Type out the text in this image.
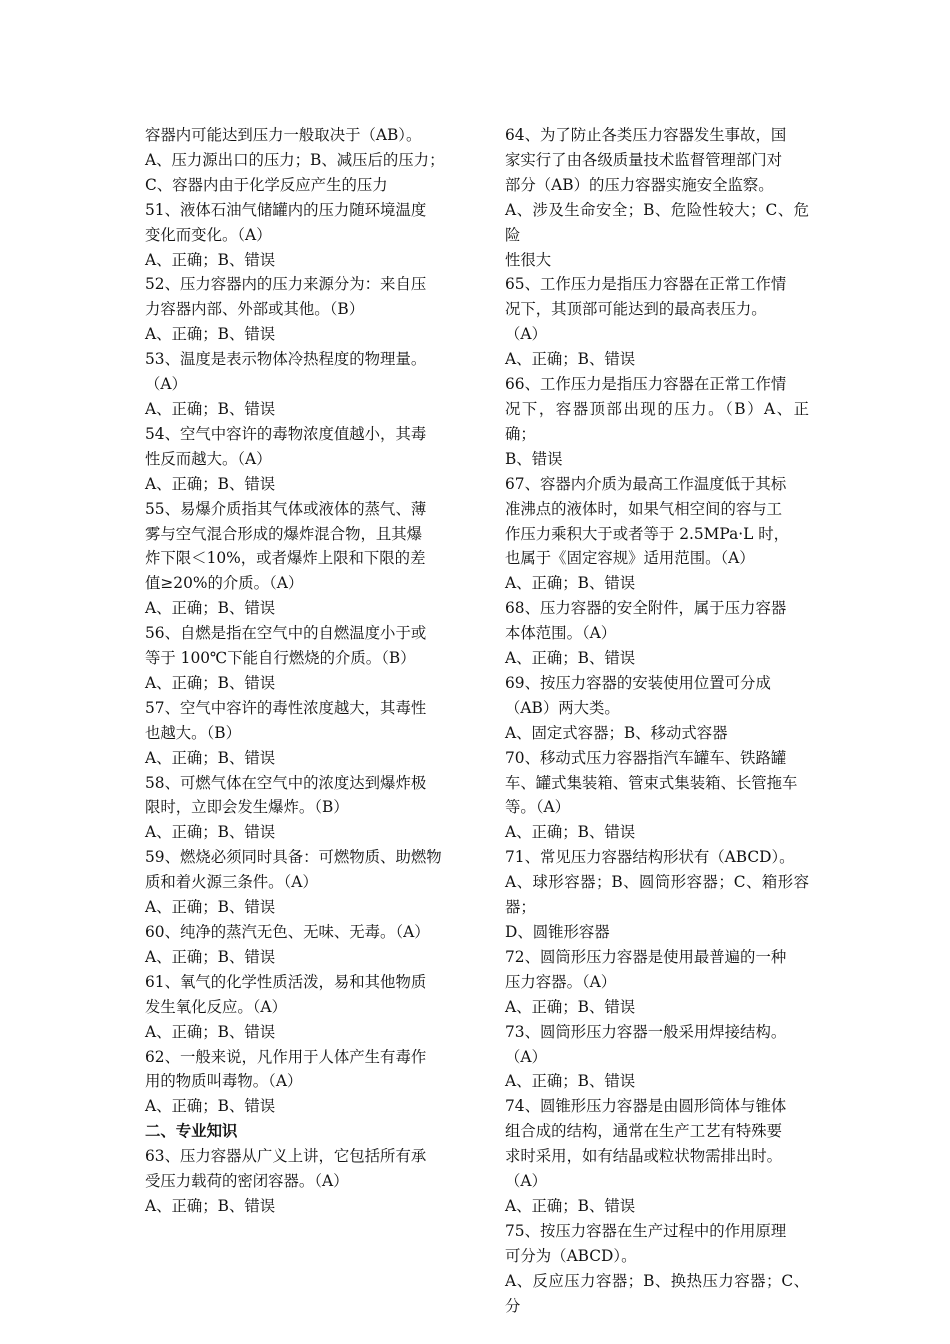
容器内可能达到压力一般取决于（AB）。
A、压力源出口的压力；B、减压后的压力；
C、容器内由于化学反应产生的压力
51、液体石油气储罐内的压力随环境温度
变化而变化。（A）
A、正确；B、错误
52、压力容器内的压力来源分为：来自压
力容器内部、外部或其他。（B）
A、正确；B、错误
53、温度是表示物体冷热程度的物理量。
（A）
A、正确；B、错误
54、空气中容许的毒物浓度值越小，其毒
性反而越大。（A）
A、正确；B、错误
55、易爆介质指其气体或液体的蒸气、薄
雾与空气混合形成的爆炸混合物，且其爆
炸下限＜10%，或者爆炸上限和下限的差
值≥20%的介质。（A）
A、正确；B、错误
56、自燃是指在空气中的自燃温度小于或
等于 100℃下能自行燃烧的介质。（B）
A、正确；B、错误
57、空气中容许的毒性浓度越大，其毒性
也越大。（B）
A、正确；B、错误
58、可燃气体在空气中的浓度达到爆炸极
限时，立即会发生爆炸。（B）
A、正确；B、错误
59、燃烧必须同时具备：可燃物质、助燃物
质和着火源三条件。（A）
A、正确；B、错误
60、纯净的蒸汽无色、无味、无毒。（A）
A、正确；B、错误
61、氧气的化学性质活泼，易和其他物质
发生氧化反应。（A）
A、正确；B、错误
62、一般来说，凡作用于人体产生有毒作
用的物质叫毒物。（A）
A、正确；B、错误
二、专业知识
63、压力容器从广义上讲，它包括所有承
受压力载荷的密闭容器。（A）
A、正确；B、错误
64、为了防止各类压力容器发生事故，国
家实行了由各级质量技术监督管理部门对
部分（AB）的压力容器实施安全监察。
A、涉及生命安全；B、危险性较大；C、危险
性很大
65、工作压力是指压力容器在正常工作情
况下，其顶部可能达到的最高表压力。
（A）
A、正确；B、错误
66、工作压力是指压力容器在正常工作情
况下，容器顶部出现的压力。（B）A、正确；
B、错误
67、容器内介质为最高工作温度低于其标
准沸点的液体时，如果气相空间的容与工
作压力乘积大于或者等于 2.5MPa·L 时，
也属于《固定容规》适用范围。（A）
A、正确；B、错误
68、压力容器的安全附件，属于压力容器
本体范围。（A）
A、正确；B、错误
69、按压力容器的安装使用位置可分成
（AB）两大类。
A、固定式容器；B、移动式容器
70、移动式压力容器指汽车罐车、铁路罐
车、罐式集装箱、管束式集装箱、长管拖车
等。（A）
A、正确；B、错误
71、常见压力容器结构形状有（ABCD）。
A、球形容器；B、圆筒形容器；C、箱形容器；
D、圆锥形容器
72、圆筒形压力容器是使用最普遍的一种
压力容器。（A）
A、正确；B、错误
73、圆筒形压力容器一般采用焊接结构。
（A）
A、正确；B、错误
74、圆锥形压力容器是由圆形筒体与锥体
组合成的结构，通常在生产工艺有特殊要
求时采用，如有结晶或粒状物需排出时。
（A）
A、正确；B、错误
75、按压力容器在生产过程中的作用原理
可分为（ABCD）。
A、反应压力容器；B、换热压力容器；C、分
